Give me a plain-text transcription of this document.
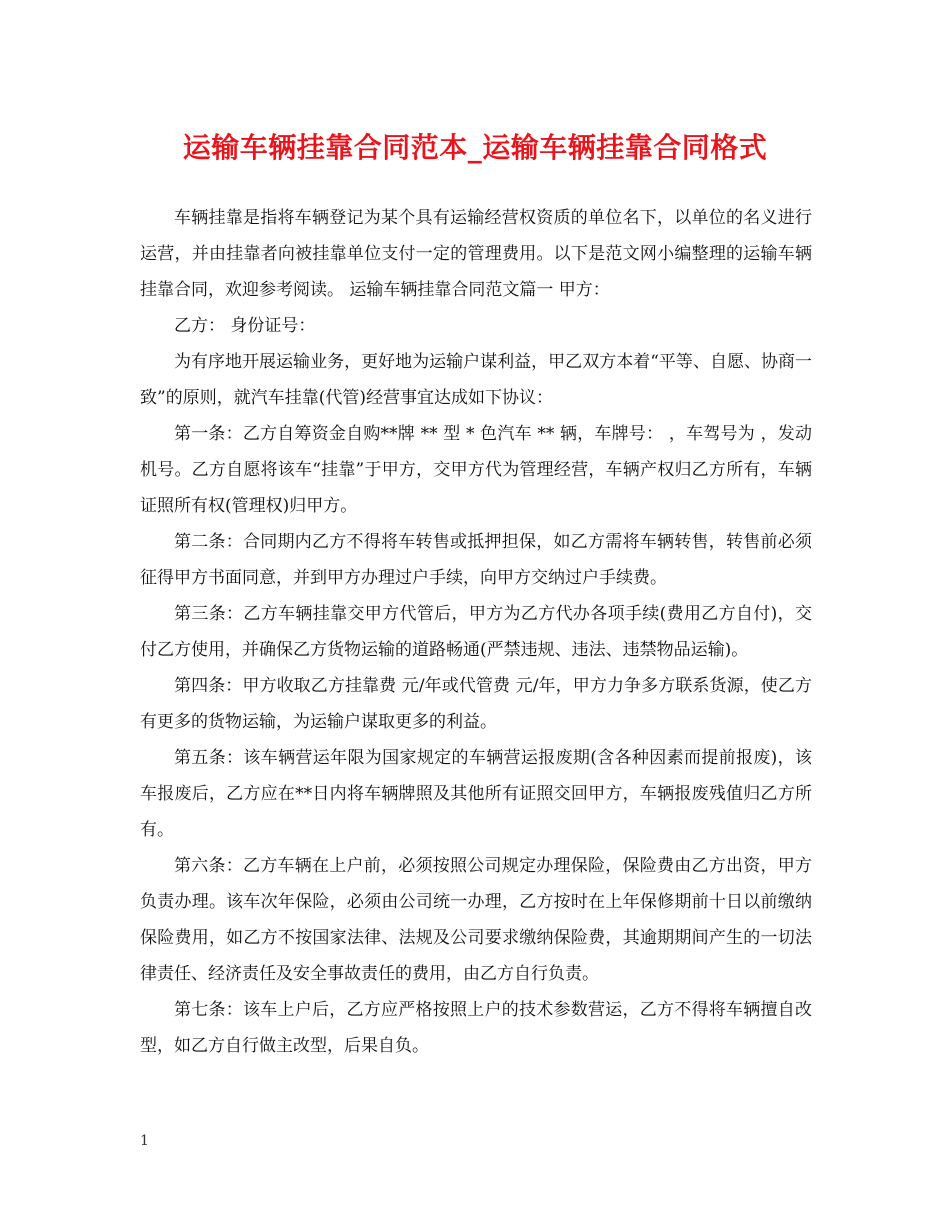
运输车辆挂靠合同范本_运输车辆挂靠合同格式

车辆挂靠是指将车辆登记为某个具有运输经营权资质的单位名下，以单位的名义进行运营，并由挂靠者向被挂靠单位支付一定的管理费用。以下是范文网小编整理的运输车辆挂靠合同，欢迎参考阅读。 运输车辆挂靠合同范文篇一 甲方：

乙方： 身份证号：

为有序地开展运输业务，更好地为运输户谋利益，甲乙双方本着“平等、自愿、协商一致”的原则，就汽车挂靠(代管)经营事宜达成如下协议：

第一条：乙方自筹资金自购**牌 ** 型 * 色汽车 ** 辆，车牌号： ，车驾号为 ，发动机号。乙方自愿将该车“挂靠”于甲方，交甲方代为管理经营，车辆产权归乙方所有，车辆证照所有权(管理权)归甲方。

第二条：合同期内乙方不得将车转售或抵押担保，如乙方需将车辆转售，转售前必须征得甲方书面同意，并到甲方办理过户手续，向甲方交纳过户手续费。

第三条：乙方车辆挂靠交甲方代管后，甲方为乙方代办各项手续(费用乙方自付)，交付乙方使用，并确保乙方货物运输的道路畅通(严禁违规、违法、违禁物品运输)。

第四条：甲方收取乙方挂靠费 元/年或代管费 元/年，甲方力争多方联系货源，使乙方有更多的货物运输，为运输户谋取更多的利益。

第五条：该车辆营运年限为国家规定的车辆营运报废期(含各种因素而提前报废)，该车报废后，乙方应在**日内将车辆牌照及其他所有证照交回甲方，车辆报废残值归乙方所有。

第六条：乙方车辆在上户前，必须按照公司规定办理保险，保险费由乙方出资，甲方负责办理。该车次年保险，必须由公司统一办理，乙方按时在上年保修期前十日以前缴纳保险费用，如乙方不按国家法律、法规及公司要求缴纳保险费，其逾期期间产生的一切法律责任、经济责任及安全事故责任的费用，由乙方自行负责。

第七条：该车上户后，乙方应严格按照上户的技术参数营运，乙方不得将车辆擅自改型，如乙方自行做主改型，后果自负。

1
